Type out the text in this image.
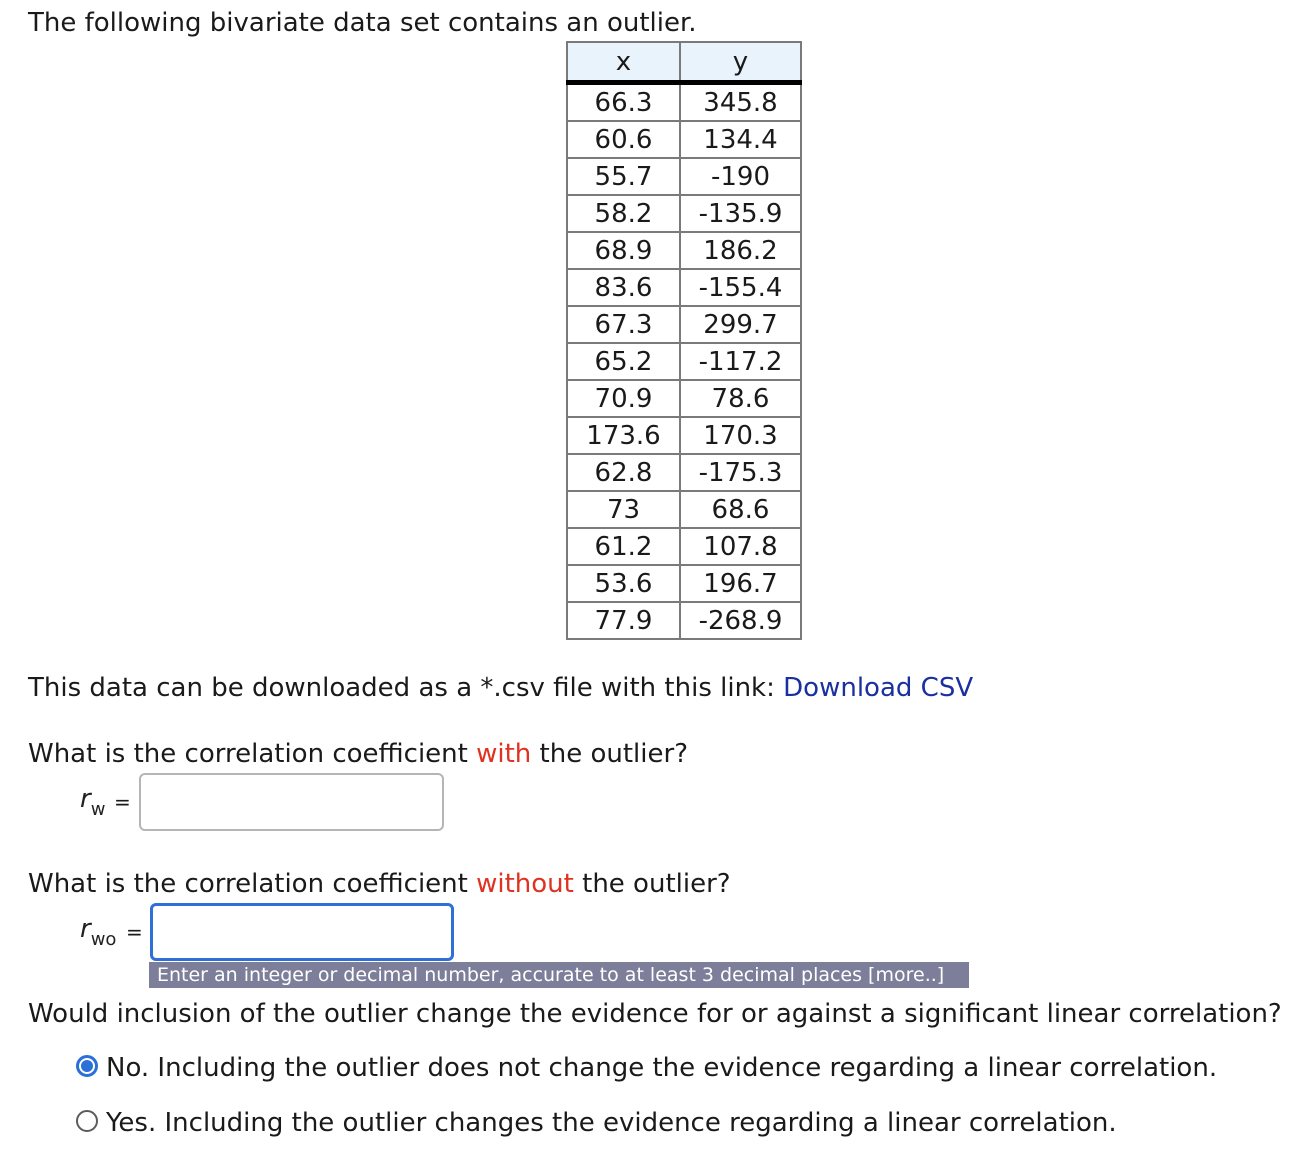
The following bivariate data set contains an outlier.
x	y
66.3	345.8
60.6	134.4
55.7	-190
58.2	-135.9
68.9	186.2
83.6	-155.4
67.3	299.7
65.2	-117.2
70.9	78.6
173.6	170.3
62.8	-175.3
73	68.6
61.2	107.8
53.6	196.7
77.9	-268.9
This data can be downloaded as a *.csv file with this link: Download CSV
What is the correlation coefficient with the outlier?
$r_w$ =
What is the correlation coefficient without the outlier?
$r_{wo}$ =
Enter an integer or decimal number, accurate to at least 3 decimal places [more..]
Would inclusion of the outlier change the evidence for or against a significant linear correlation?
No. Including the outlier does not change the evidence regarding a linear correlation.
Yes. Including the outlier changes the evidence regarding a linear correlation.
